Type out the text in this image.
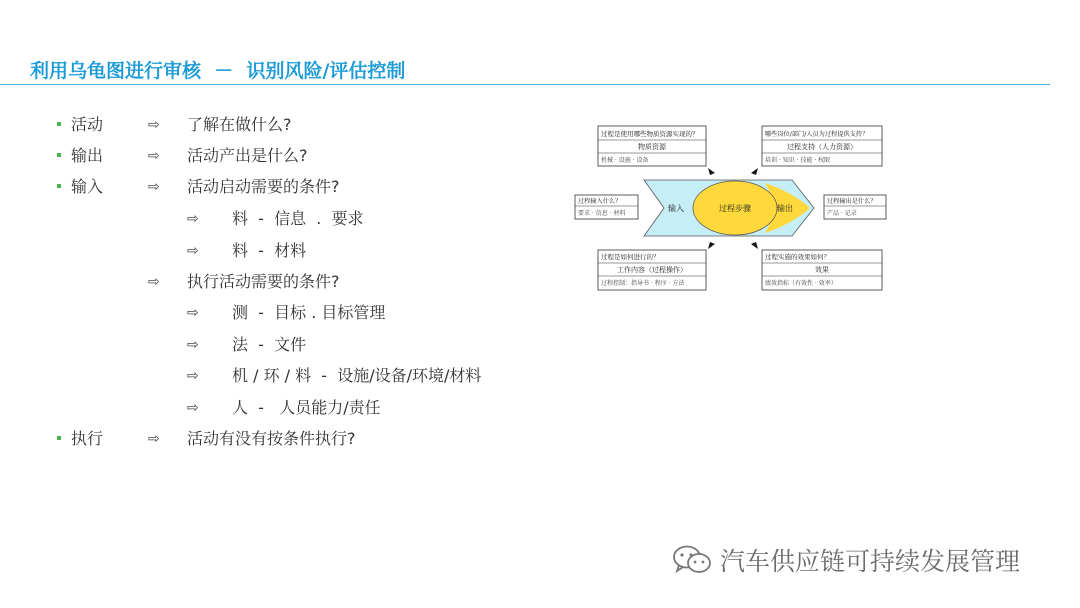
利用乌龟图进行审核  －  识别风险/评估控制
活动	⇨ 了解在做什么?
输出	⇨ 活动产出是什么?
输入	⇨ 活动启动需要的条件?
⇨ 料  -  信息  .  要求
⇨ 料  -  材料
⇨ 执行活动需要的条件?
⇨ 测  -  目标 . 目标管理
⇨ 法  -  文件
⇨ 机 / 环 / 料  -  设施/设备/环境/材料
⇨ 人  -   人员能力/责任
执行	⇨ 活动有没有按条件执行?
过程是使用哪些物质资源实现的？
物质资源
机械 · 设施 · 设备
哪些岗位/部门/人员为过程提供支持？
过程支持（人力资源）
培训 · 知识 · 技能 · 权限
过程输入什么？
要求 · 信息 · 材料
过程输出是什么？
产品 · 记录
过程是如何进行的？
工作内容（过程操作）
过程控制：指导书 · 程序 · 方法
过程实施的效果如何？
效果
绩效指标（有效性 · 效率）
输入	过程步骤	输出
汽车供应链可持续发展管理
